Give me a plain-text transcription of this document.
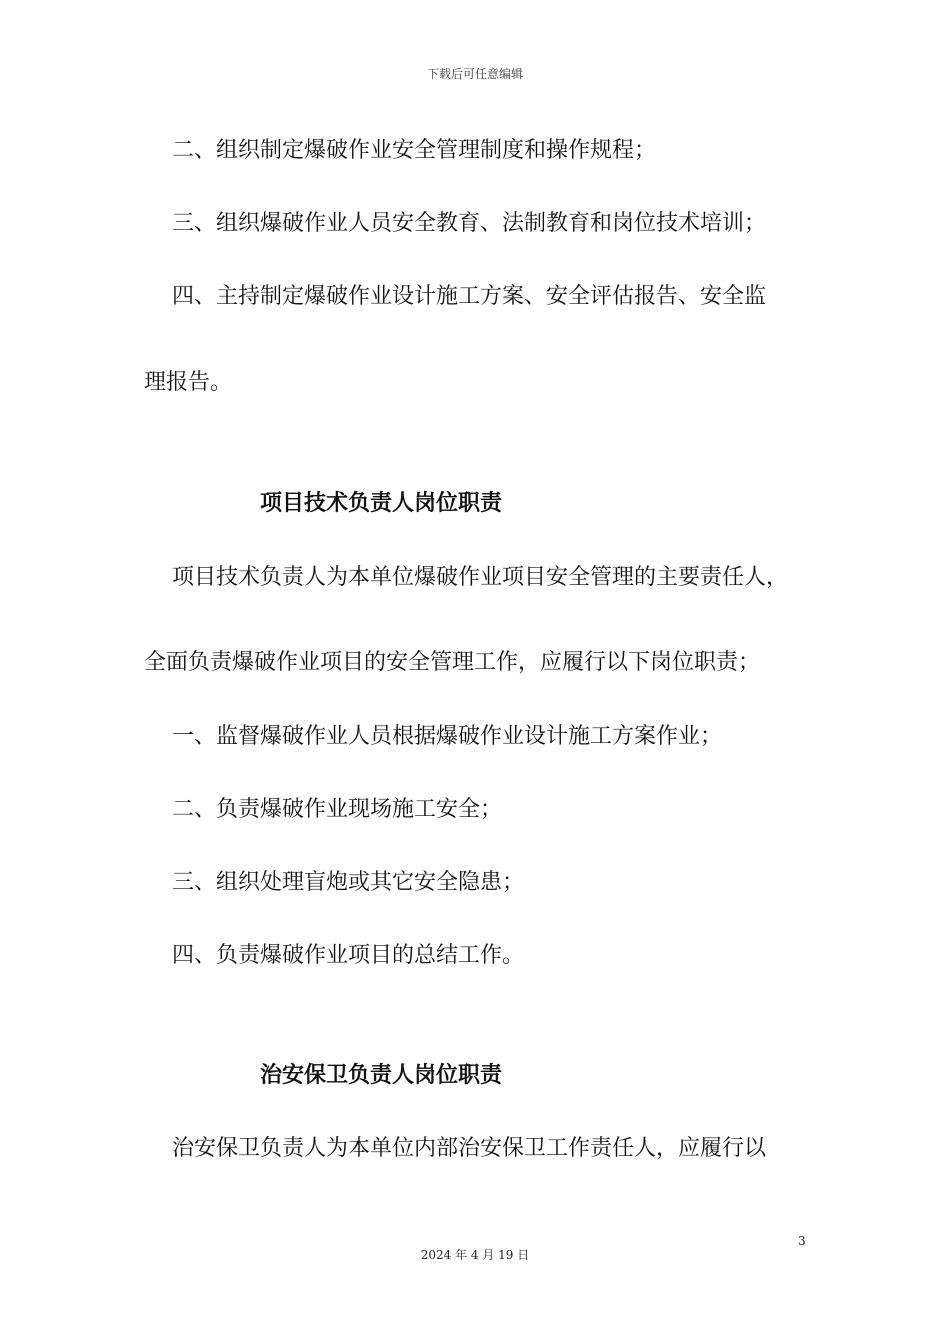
下载后可任意编辑
二、组织制定爆破作业安全管理制度和操作规程；
三、组织爆破作业人员安全教育、法制教育和岗位技术培训；
四、主持制定爆破作业设计施工方案、安全评估报告、安全监
理报告。
项目技术负责人岗位职责
项目技术负责人为本单位爆破作业项目安全管理的主要责任人，
全面负责爆破作业项目的安全管理工作，应履行以下岗位职责；
一、监督爆破作业人员根据爆破作业设计施工方案作业；
二、负责爆破作业现场施工安全；
三、组织处理盲炮或其它安全隐患；
四、负责爆破作业项目的总结工作。
治安保卫负责人岗位职责
治安保卫负责人为本单位内部治安保卫工作责任人，应履行以
3
2024 年 4 月 19 日
